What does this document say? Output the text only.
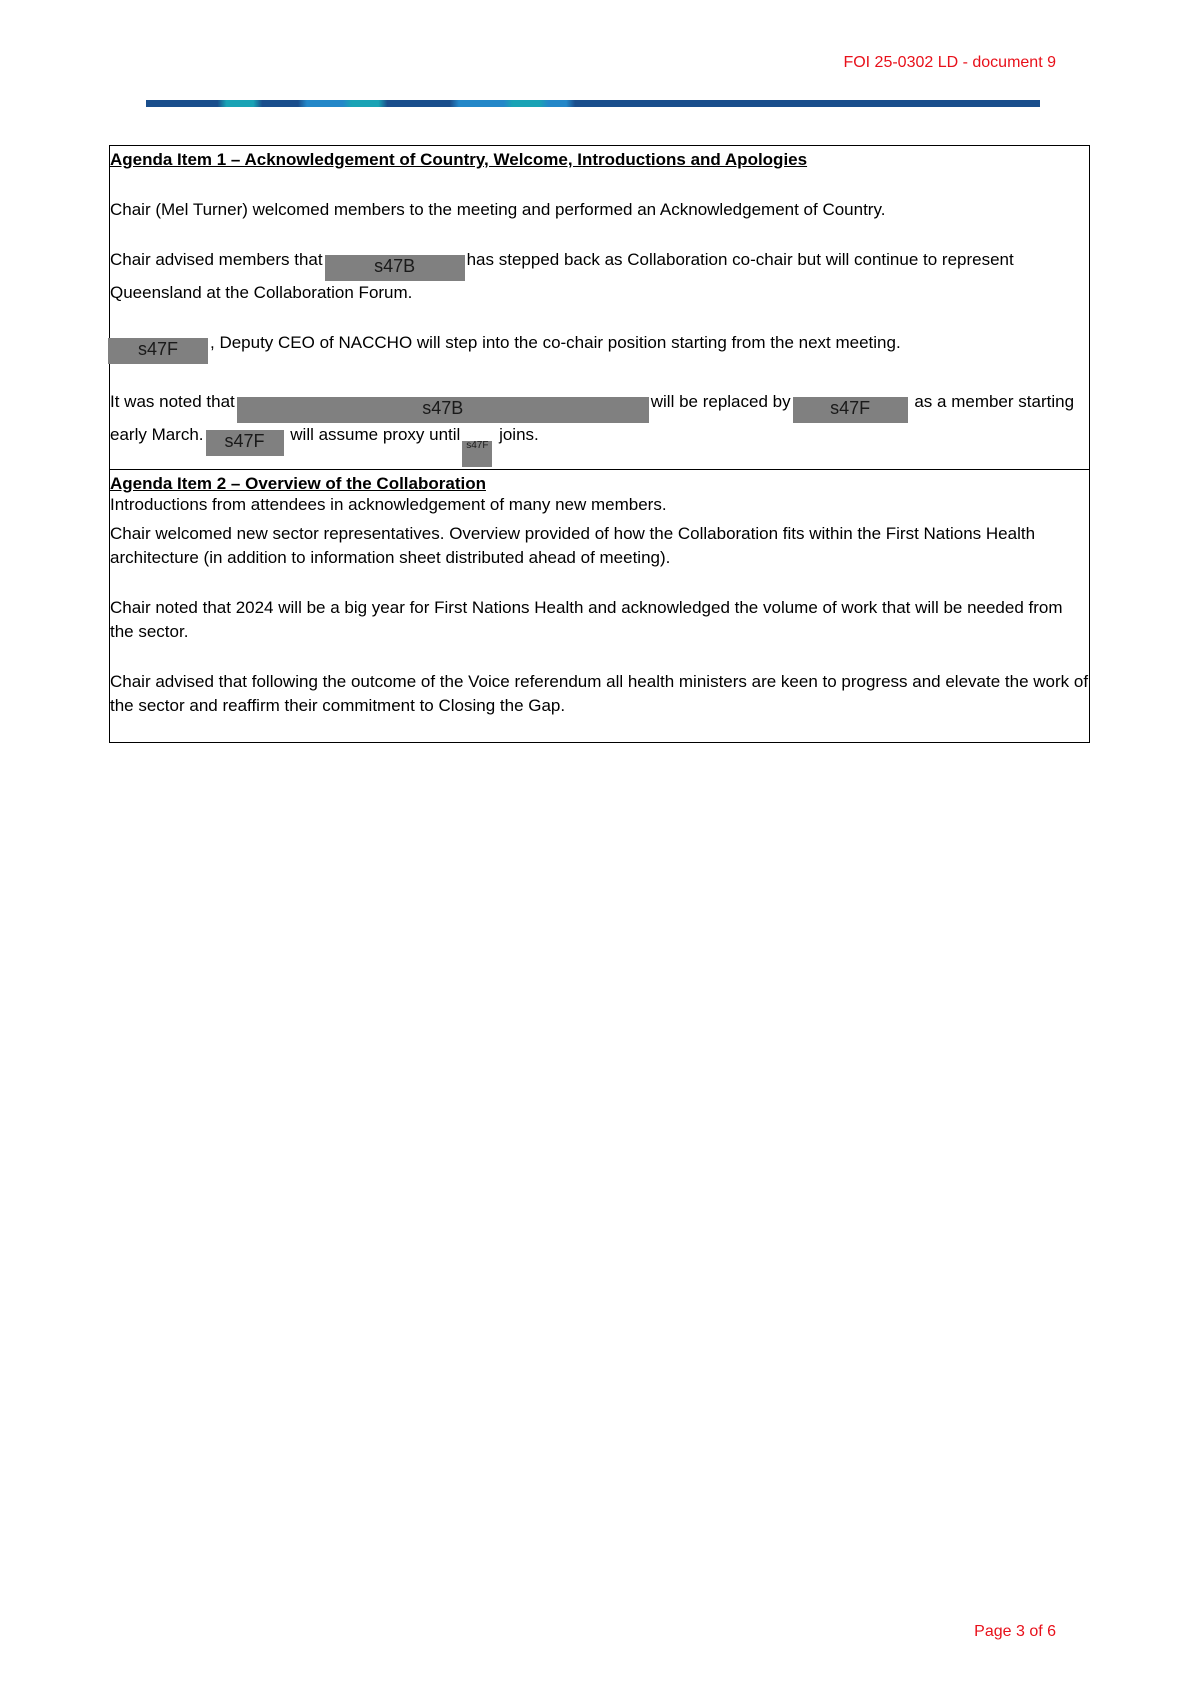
FOI 25-0302 LD - document 9

Agenda Item 1 – Acknowledgement of Country, Welcome, Introductions and Apologies

Chair (Mel Turner) welcomed members to the meeting and performed an Acknowledgement of Country.

Chair advised members that	s47B	has stepped back as Collaboration co-chair but will continue to represent Queensland at the Collaboration Forum.

s47F , Deputy CEO of NACCHO will step into the co-chair position starting from the next meeting.

It was noted that	s47B	will be replaced by s47F	as a member starting early March. s47F will assume proxy untils47F joins.

Introductions from attendees in acknowledgement of many new members.

Agenda Item 2 – Overview of the Collaboration

Chair welcomed new sector representatives. Overview provided of how the Collaboration fits within the First Nations Health architecture (in addition to information sheet distributed ahead of meeting).

Chair noted that 2024 will be a big year for First Nations Health and acknowledged the volume of work that will be needed from the sector.

Chair advised that following the outcome of the Voice referendum all health ministers are keen to progress and elevate the work of the sector and reaffirm their commitment to Closing the Gap.

Page 3 of 6
